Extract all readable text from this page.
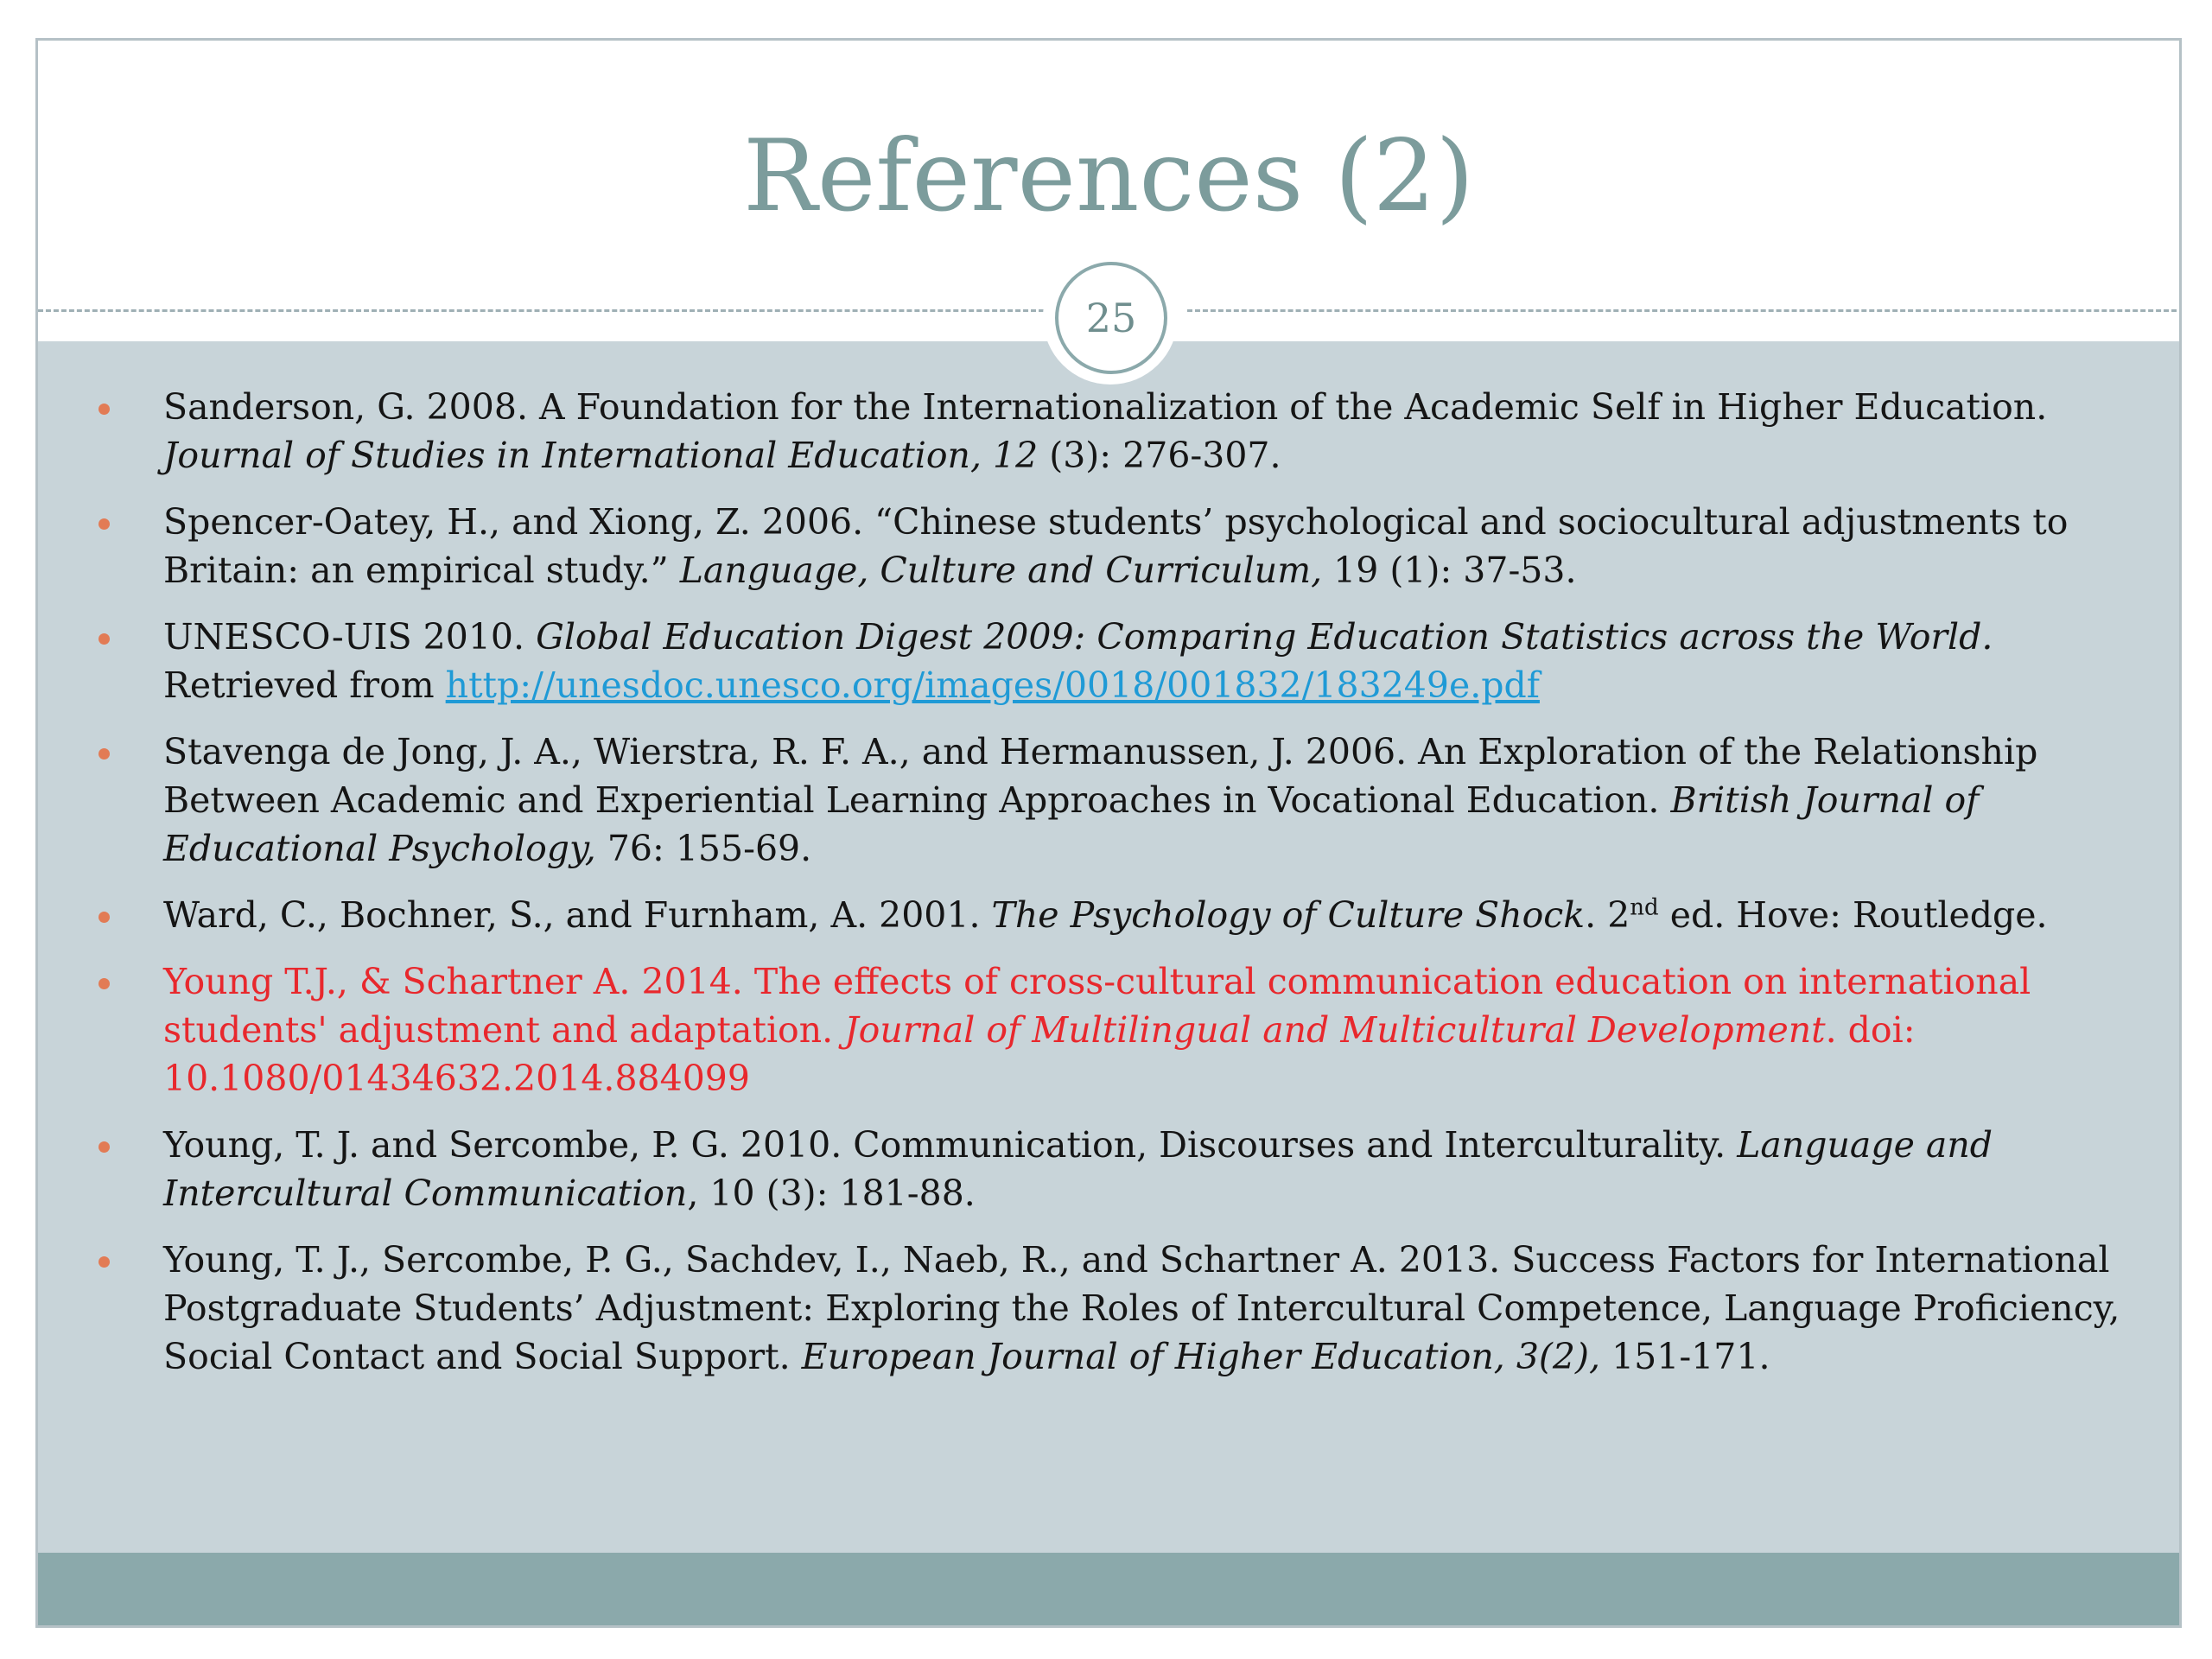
References (2)
25
Sanderson, G. 2008. A Foundation for the Internationalization of the Academic Self in Higher Education. Journal of Studies in International Education, 12 (3): 276-307.
Spencer-Oatey, H., and Xiong, Z. 2006. “Chinese students’ psychological and sociocultural adjustments to Britain: an empirical study.” Language, Culture and Curriculum, 19 (1): 37-53.
UNESCO-UIS 2010. Global Education Digest 2009: Comparing Education Statistics across the World. Retrieved from http://unesdoc.unesco.org/images/0018/001832/183249e.pdf
Stavenga de Jong, J. A., Wierstra, R. F. A., and Hermanussen, J. 2006. An Exploration of the Relationship Between Academic and Experiential Learning Approaches in Vocational Education. British Journal of Educational Psychology, 76: 155-69.
Ward, C., Bochner, S., and Furnham, A. 2001. The Psychology of Culture Shock. 2nd ed. Hove: Routledge.
Young T.J., & Schartner A. 2014. The effects of cross-cultural communication education on international students' adjustment and adaptation. Journal of Multilingual and Multicultural Development. doi: 10.1080/01434632.2014.884099
Young, T. J. and Sercombe, P. G. 2010. Communication, Discourses and Interculturality. Language and Intercultural Communication, 10 (3): 181-88.
Young, T. J., Sercombe, P. G., Sachdev, I., Naeb, R., and Schartner A. 2013. Success Factors for International Postgraduate Students’ Adjustment: Exploring the Roles of Intercultural Competence, Language Proficiency, Social Contact and Social Support. European Journal of Higher Education, 3(2), 151-171.
